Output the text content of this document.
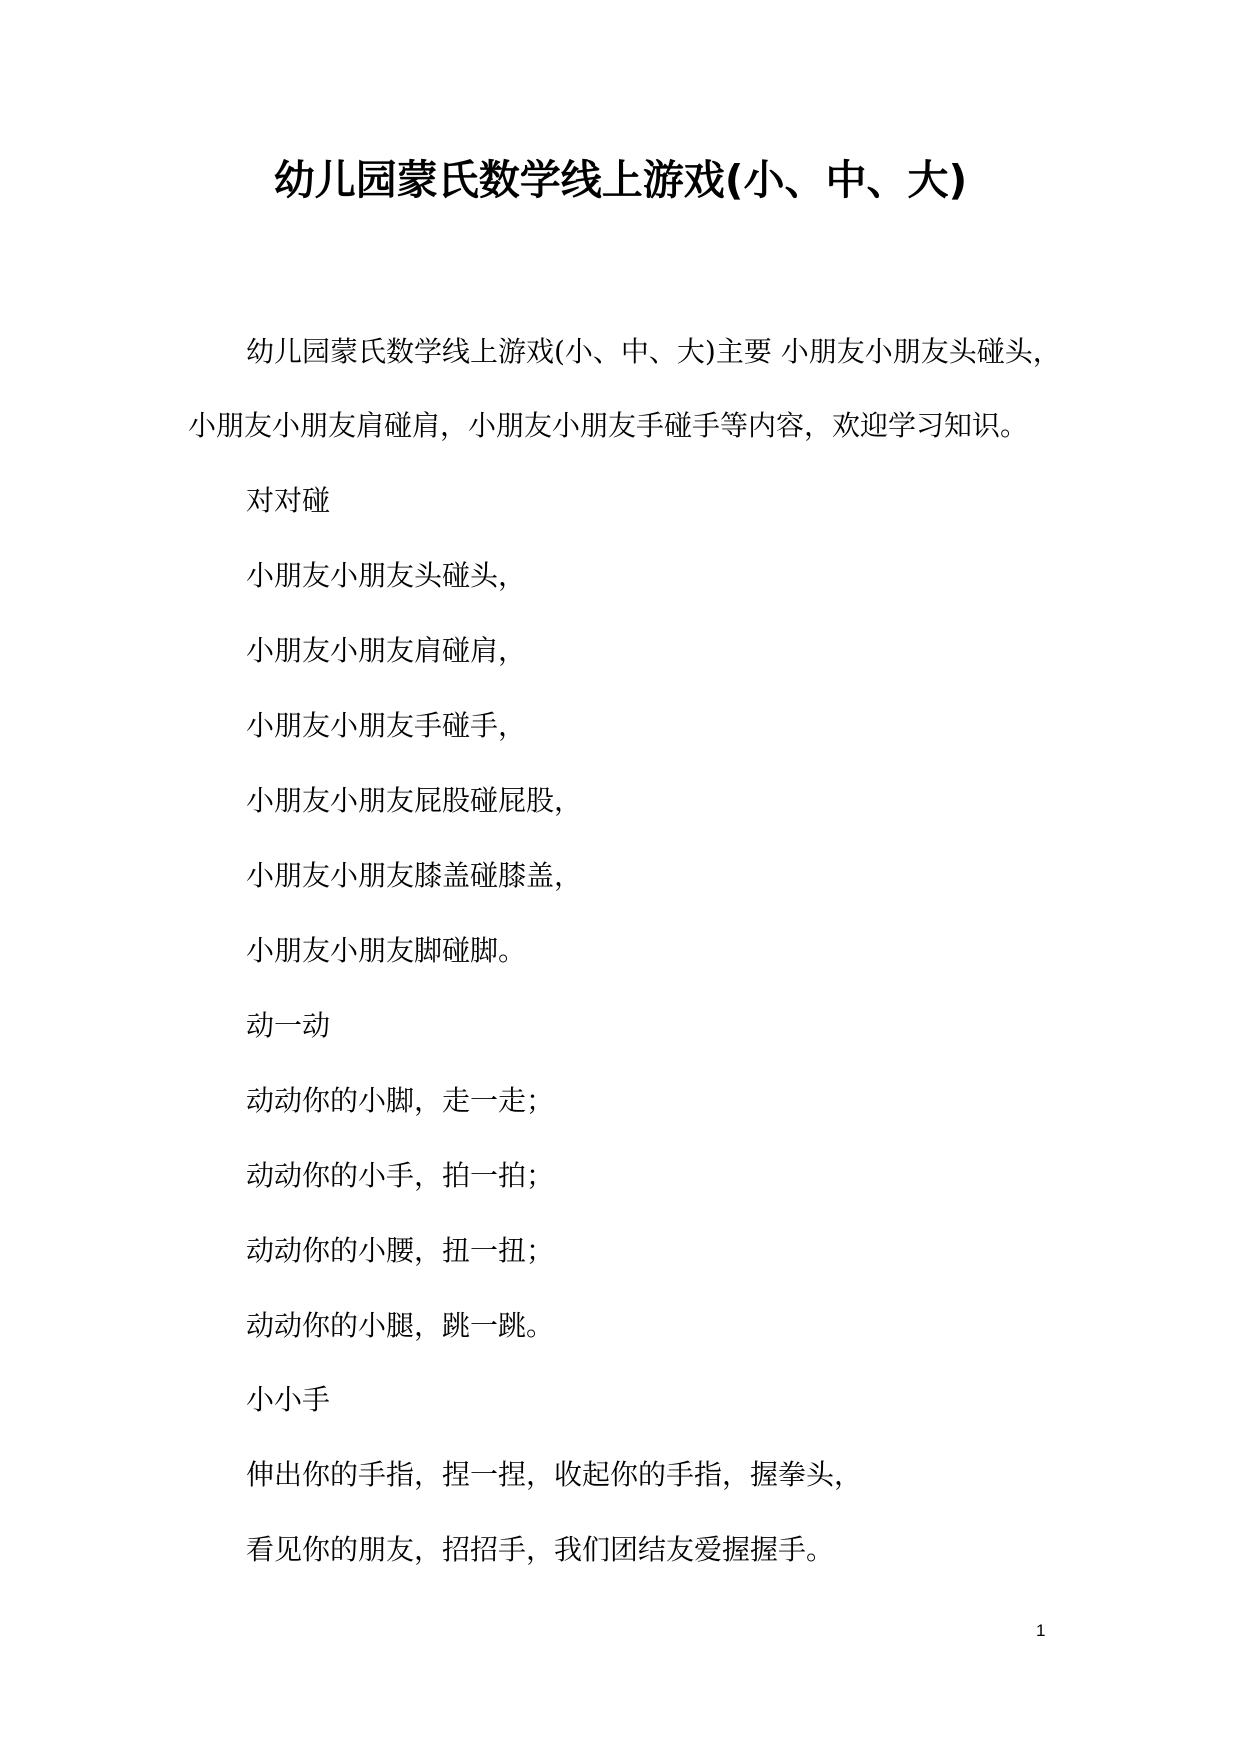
幼儿园蒙氏数学线上游戏(小、中、大)

幼儿园蒙氏数学线上游戏(小、中、大)主要 小朋友小朋友头碰头，

小朋友小朋友肩碰肩，小朋友小朋友手碰手等内容，欢迎学习知识。

对对碰

小朋友小朋友头碰头，

小朋友小朋友肩碰肩，

小朋友小朋友手碰手，

小朋友小朋友屁股碰屁股，

小朋友小朋友膝盖碰膝盖，

小朋友小朋友脚碰脚。

动一动

动动你的小脚，走一走；

动动你的小手，拍一拍；

动动你的小腰，扭一扭；

动动你的小腿，跳一跳。

小小手

伸出你的手指，捏一捏，收起你的手指，握拳头，

看见你的朋友，招招手，我们团结友爱握握手。

1
